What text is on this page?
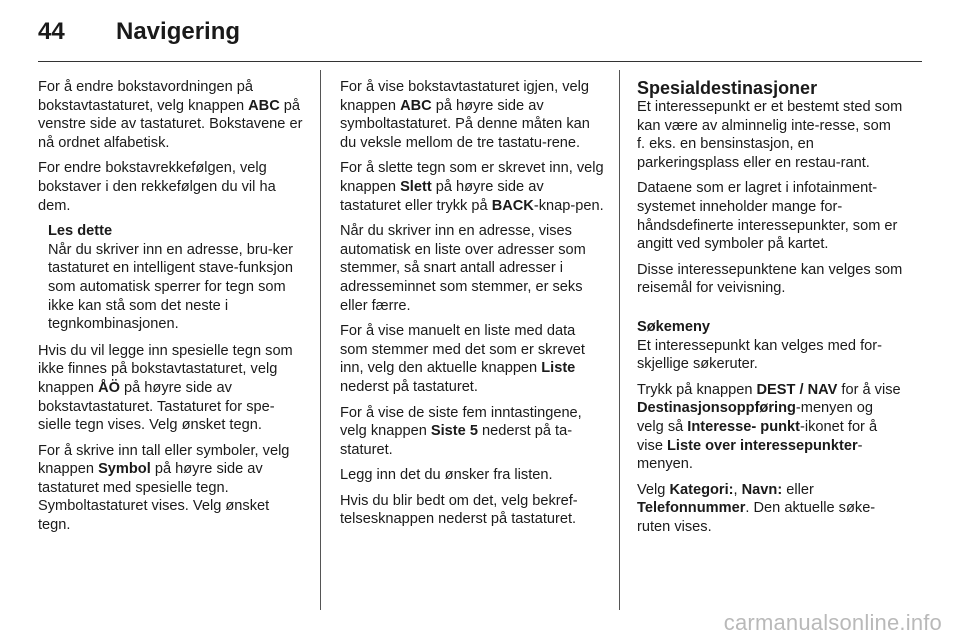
44	Navigering

For å endre bokstavordningen på bokstavtastaturet, velg knappen ABC på venstre side av tastaturet. Bokstavene er nå ordnet alfabetisk.

For endre bokstavrekkefølgen, velg bokstaver i den rekkefølgen du vil ha dem.

Les dette
Når du skriver inn en adresse, bru-ker tastaturet en intelligent stave-funksjon som automatisk sperrer for tegn som ikke kan stå som det neste i tegnkombinasjonen.

Hvis du vil legge inn spesielle tegn som ikke finnes på bokstavtastaturet, velg knappen ÅÖ på høyre side av bokstavtastaturet. Tastaturet for spe-sielle tegn vises. Velg ønsket tegn.

For å skrive inn tall eller symboler, velg knappen Symbol på høyre side av tastaturet med spesielle tegn. Symboltastaturet vises. Velg ønsket tegn.

For å vise bokstavtastaturet igjen, velg knappen ABC på høyre side av symboltastaturet. På denne måten kan du veksle mellom de tre tastatu-rene.

For å slette tegn som er skrevet inn, velg knappen Slett på høyre side av tastaturet eller trykk på BACK-knap-pen.

Når du skriver inn en adresse, vises automatisk en liste over adresser som stemmer, så snart antall adresser i adresseminnet som stemmer, er seks eller færre.

For å vise manuelt en liste med data som stemmer med det som er skrevet inn, velg den aktuelle knappen Liste nederst på tastaturet.

For å vise de siste fem inntastingene, velg knappen Siste 5 nederst på ta-staturet.

Legg inn det du ønsker fra listen.

Hvis du blir bedt om det, velg bekref-telsesknappen nederst på tastaturet.

Spesialdestinasjoner

Et interessepunkt er et bestemt sted som kan være av alminnelig inte-resse, som f. eks. en bensinstasjon, en parkeringsplass eller en restau-rant.

Dataene som er lagret i infotainment-systemet inneholder mange for-håndsdefinerte interessepunkter, som er angitt ved symboler på kartet.

Disse interessepunktene kan velges som reisemål for veivisning.

Søkemeny

Et interessepunkt kan velges med for-skjellige søkeruter.

Trykk på knappen DEST / NAV for å vise Destinasjonsoppføring-menyen og velg så Interesse- punkt-ikonet for å vise Liste over interessepunkter-menyen.

Velg Kategori:, Navn: eller Telefonnummer. Den aktuelle søke-ruten vises.

carmanualsonline.info
